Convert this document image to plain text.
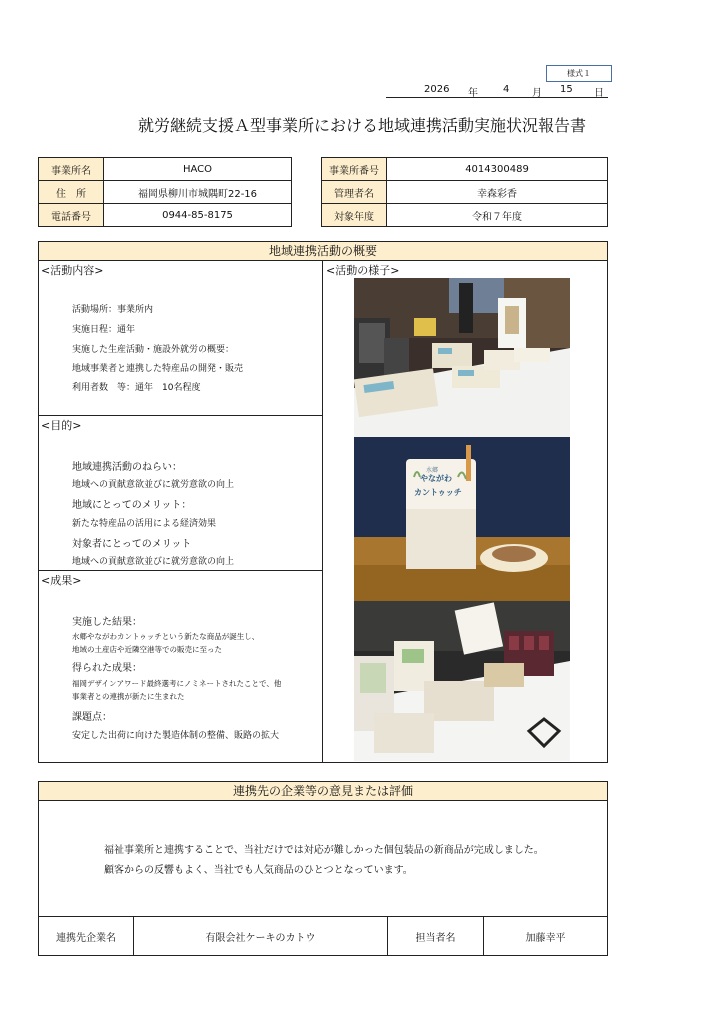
様式１
2026 年	4 月 15 日
就労継続支援Ａ型事業所における地域連携活動実施状況報告書
事業所名	HACO
住　所	福岡県柳川市城隅町22-16
電話番号	0944-85-8175
事業所番号	4014300489
管理者名	幸森彩香
対象年度	令和７年度
地域連携活動の概要
<活動内容>
活動場所：事業所内
実施日程：通年
実施した生産活動・施設外就労の概要：
地域事業者と連携した特産品の開発・販売
利用者数　等：通年　10名程度
<目的>
地域連携活動のねらい：
地域への貢献意欲並びに就労意欲の向上
地域にとってのメリット：
新たな特産品の活用による経済効果
対象者にとってのメリット
地域への貢献意欲並びに就労意欲の向上
<成果>
実施した結果：
水郷やながわカントゥッチという新たな商品が誕生し、
地域の土産店や近隣空港等での販売に至った
得られた成果：
福岡デザインアワード最終選考にノミネートされたことで、他
事業者との連携が新たに生まれた
課題点：
安定した出荷に向けた製造体制の整備、販路の拡大
<活動の様子>
水郷
やながわ
カントゥッチ
連携先の企業等の意見または評価
福祉事業所と連携することで、当社だけでは対応が難しかった個包装品の新商品が完成しました。
顧客からの反響もよく、当社でも人気商品のひとつとなっています。
連携先企業名	有限会社ケーキのカトウ	担当者名	加藤幸平
